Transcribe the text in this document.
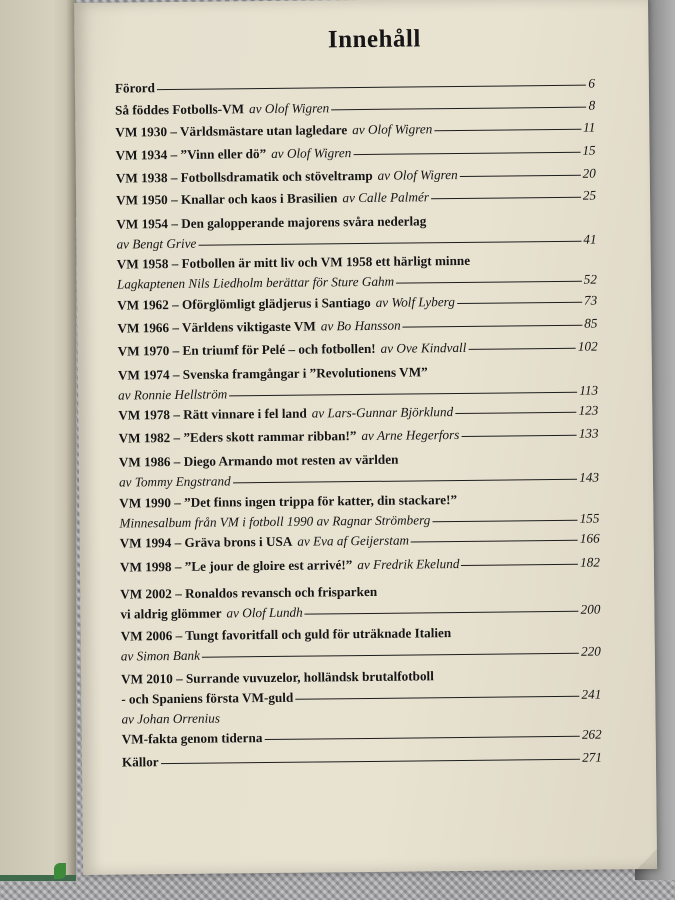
Innehåll
Förord	6
Så föddes Fotbolls-VM av Olof Wigren	8
VM 1930 – Världsmästare utan lagledare av Olof Wigren	11
VM 1934 – ”Vinn eller dö” av Olof Wigren	15
VM 1938 – Fotbollsdramatik och stöveltramp av Olof Wigren	20
VM 1950 – Knallar och kaos i Brasilien av Calle Palmér	25
VM 1954 – Den galopperande majorens svåra nederlag
av Bengt Grive	41
VM 1958 – Fotbollen är mitt liv och VM 1958 ett härligt minne
Lagkaptenen Nils Liedholm berättar för Sture Gahm	52
VM 1962 – Oförglömligt glädjerus i Santiago av Wolf Lyberg	73
VM 1966 – Världens viktigaste VM av Bo Hansson	85
VM 1970 – En triumf för Pelé – och fotbollen! av Ove Kindvall	102
VM 1974 – Svenska framgångar i ”Revolutionens VM”
av Ronnie Hellström	113
VM 1978 – Rätt vinnare i fel land av Lars-Gunnar Björklund	123
VM 1982 – ”Eders skott rammar ribban!” av Arne Hegerfors	133
VM 1986 – Diego Armando mot resten av världen
av Tommy Engstrand	143
VM 1990 – ”Det finns ingen trippa för katter, din stackare!”
Minnesalbum från VM i fotboll 1990 av Ragnar Strömberg	155
VM 1994 – Gräva brons i USA av Eva af Geijerstam	166
VM 1998 – ”Le jour de gloire est arrivé!” av Fredrik Ekelund	182
VM 2002 – Ronaldos revansch och frisparken
vi aldrig glömmer av Olof Lundh	200
VM 2006 – Tungt favoritfall och guld för uträknade Italien
av Simon Bank	220
VM 2010 – Surrande vuvuzelor, holländsk brutalfotboll
- och Spaniens första VM-guld	241
av Johan Orrenius
VM-fakta genom tiderna	262
Källor	271
